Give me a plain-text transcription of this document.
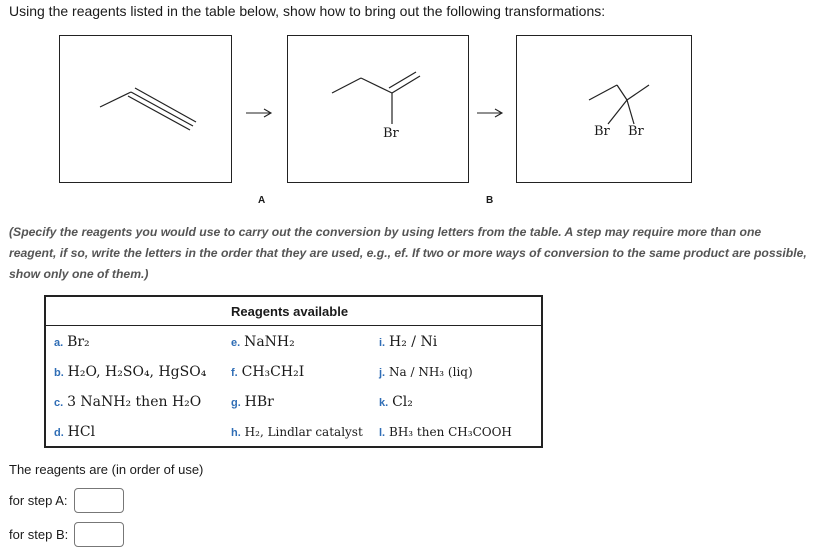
Using the reagents listed in the table below, show how to bring out the following transformations:
A
Br
B
Br Br
(Specify the reagents you would use to carry out the conversion by using letters from the table. A step may require more than one reagent, if so, write the letters in the order that they are used, e.g., ef. If two or more ways of conversion to the same product are possible, show only one of them.)
Reagents available		
a. Br₂	e. NaNH₂	i. H₂ / Ni
b. H₂O, H₂SO₄, HgSO₄	f. CH₃CH₂I	j. Na / NH₃ (liq)
c. 3 NaNH₂ then H₂O	g. HBr	k. Cl₂
d. HCl	h. H₂, Lindlar catalyst	l. BH₃ then CH₃COOH
The reagents are (in order of use)
for step A:
for step B:
